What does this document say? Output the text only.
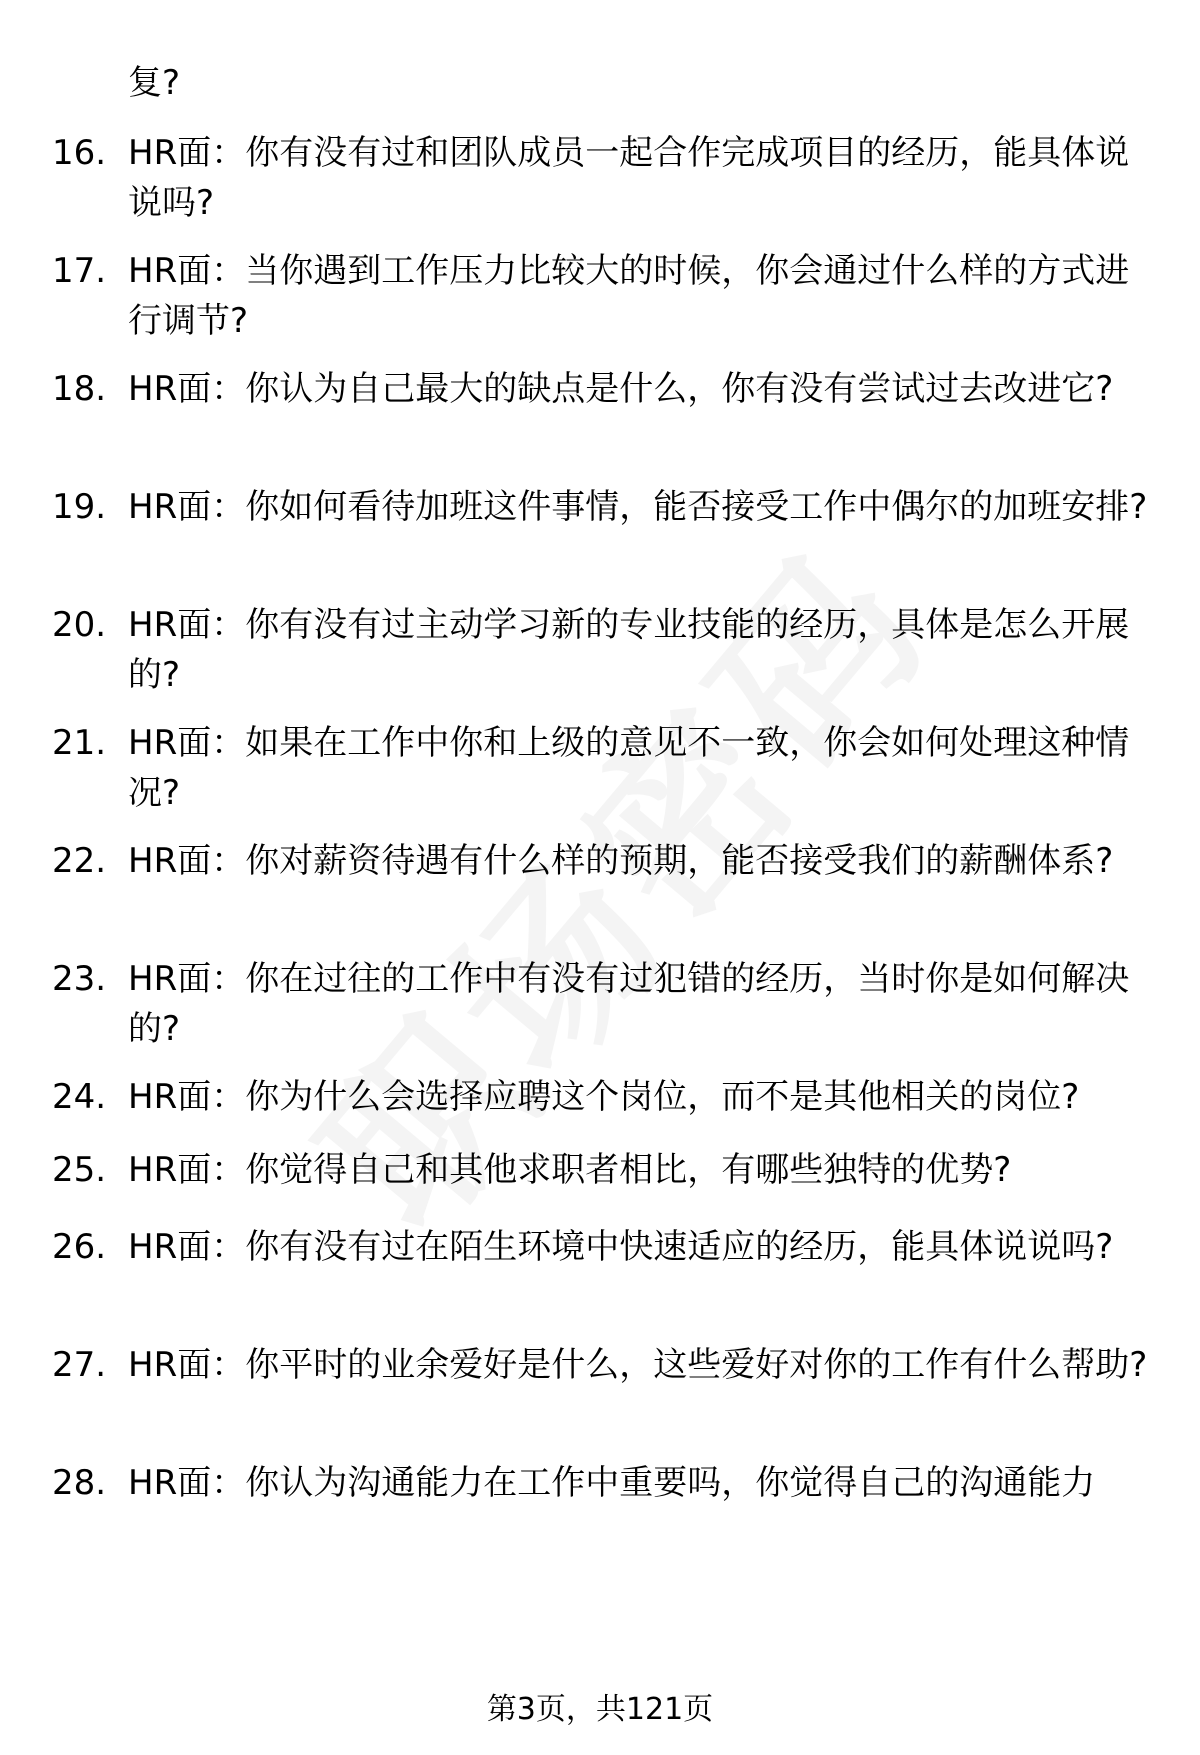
复?
16. HR面：你有没有过和团队成员一起合作完成项目的经历，能具体说说吗?
17. HR面：当你遇到工作压力比较大的时候，你会通过什么样的方式进行调节?
18. HR面：你认为自己最大的缺点是什么，你有没有尝试过去改进它?
19. HR面：你如何看待加班这件事情，能否接受工作中偶尔的加班安排?
20. HR面：你有没有过主动学习新的专业技能的经历，具体是怎么开展的?
21. HR面：如果在工作中你和上级的意见不一致，你会如何处理这种情况?
22. HR面：你对薪资待遇有什么样的预期，能否接受我们的薪酬体系?
23. HR面：你在过往的工作中有没有过犯错的经历，当时你是如何解决的?
24. HR面：你为什么会选择应聘这个岗位，而不是其他相关的岗位?
25. HR面：你觉得自己和其他求职者相比，有哪些独特的优势?
26. HR面：你有没有过在陌生环境中快速适应的经历，能具体说说吗?
27. HR面：你平时的业余爱好是什么，这些爱好对你的工作有什么帮助?
28. HR面：你认为沟通能力在工作中重要吗，你觉得自己的沟通能力
第3页，共121页
